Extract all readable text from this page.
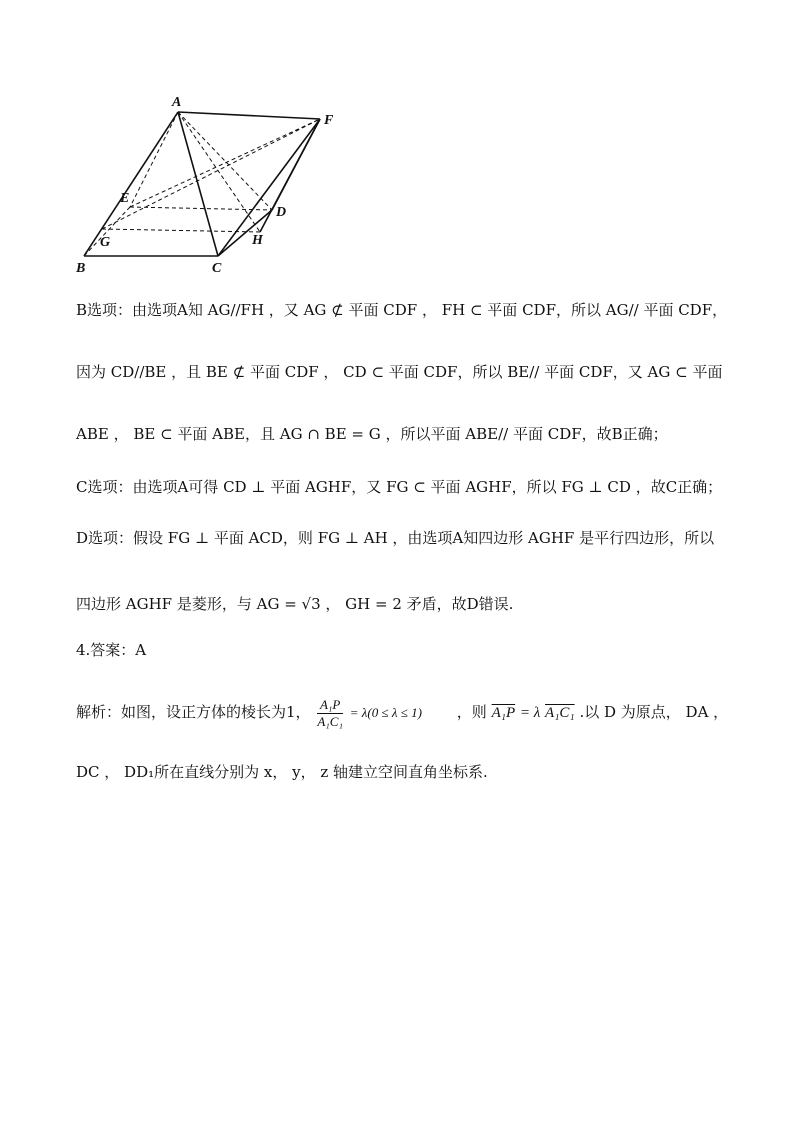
A
F
E
D
G	H
B	C
B选项：由选项A知 AG//FH ，又 AG ⊄ 平面 CDF ， FH ⊂ 平面 CDF，所以 AG// 平面 CDF，
因为 CD//BE ，且 BE ⊄ 平面 CDF ， CD ⊂ 平面 CDF，所以 BE// 平面 CDF，又 AG ⊂ 平面
ABE ， BE ⊂ 平面 ABE，且 AG ∩ BE = G ，所以平面 ABE// 平面 CDF，故B正确；
C选项：由选项A可得 CD ⊥ 平面 AGHF，又 FG ⊂ 平面 AGHF，所以 FG ⊥ CD ，故C正确；
D选项：假设 FG ⊥ 平面 ACD，则 FG ⊥ AH ，由选项A知四边形 AGHF 是平行四边形，所以
四边形 AGHF 是菱形，与 AG = √3 ， GH = 2 矛盾，故D错误.
4.答案：A
解析：如图，设正方体的棱长为1， $\frac{\text{A₁P}}{\text{A₁C₁}} = \lambda(0 \le \lambda \le 1)$ ，则 A₁P = λ A₁C₁ .以 D 为原点， DA ，
DC ， DD₁所在直线分别为 x， y， z 轴建立空间直角坐标系.
